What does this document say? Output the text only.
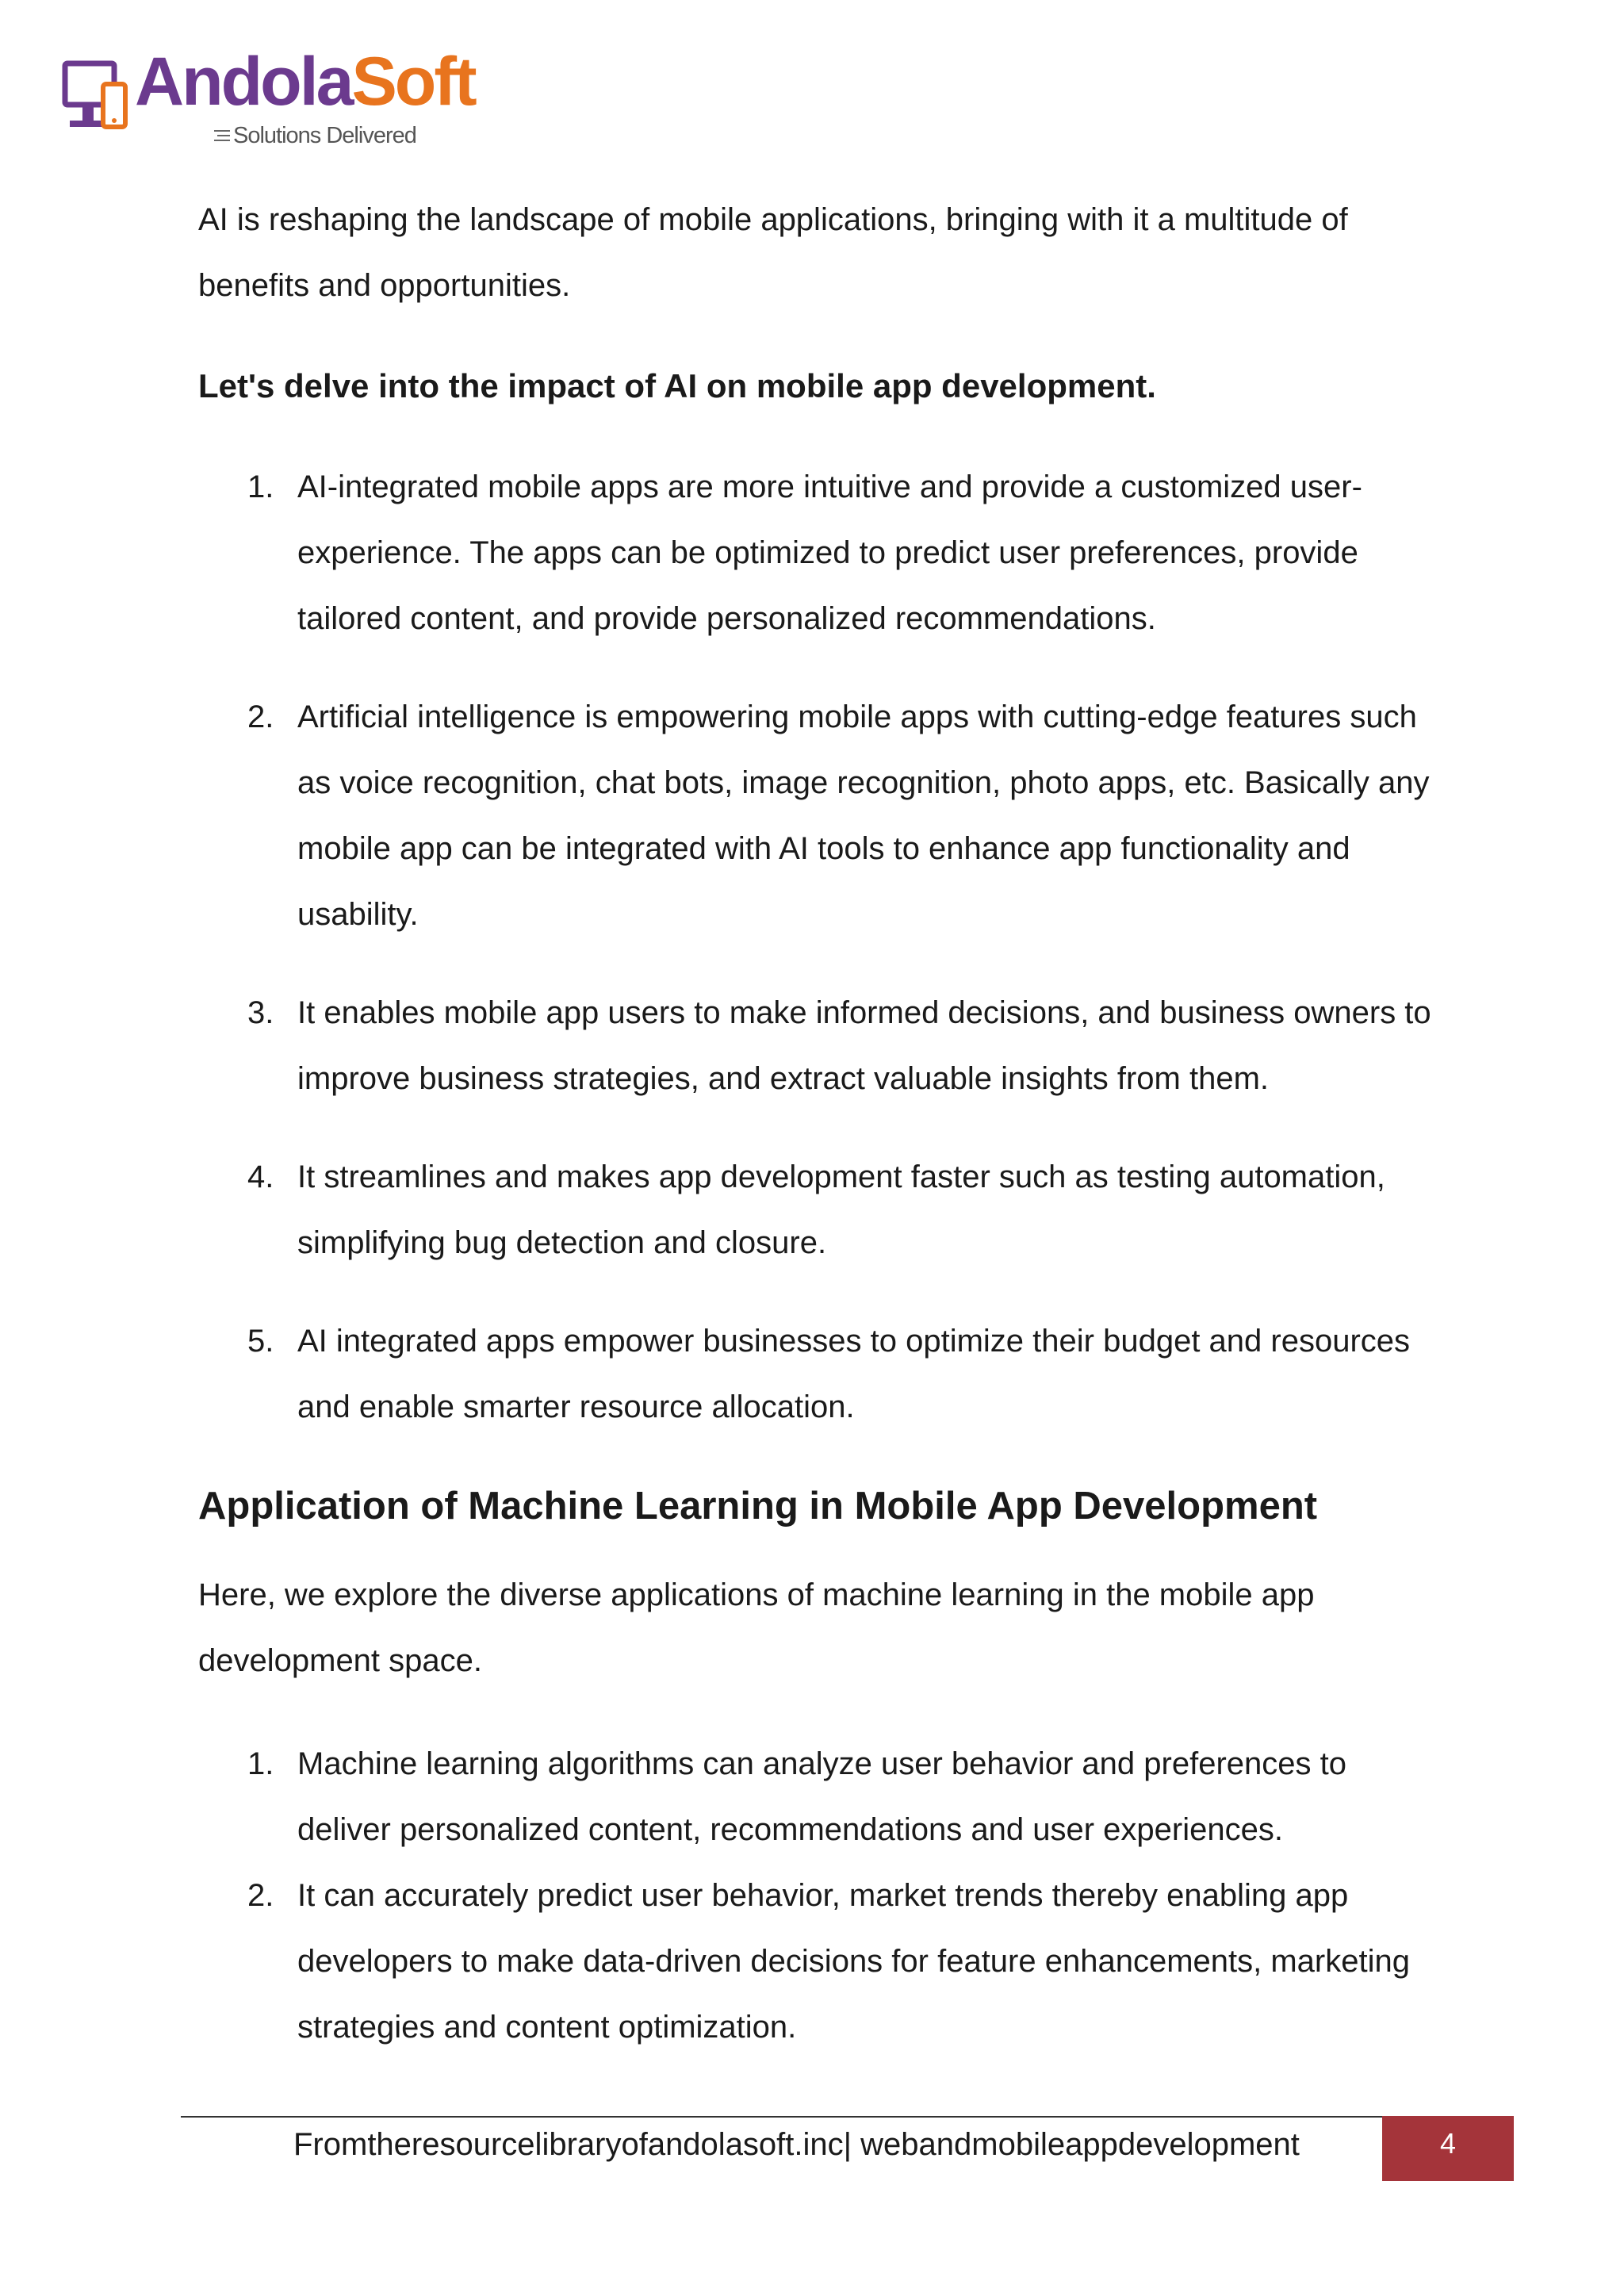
AndolaSoft
Solutions Delivered

AI is reshaping the landscape of mobile applications, bringing with it a multitude of benefits and opportunities.

Let's delve into the impact of AI on mobile app development.
1. AI-integrated mobile apps are more intuitive and provide a customized user-experience. The apps can be optimized to predict user preferences, provide tailored content, and provide personalized recommendations.
2. Artificial intelligence is empowering mobile apps with cutting-edge features such as voice recognition, chat bots, image recognition, photo apps, etc. Basically any mobile app can be integrated with AI tools to enhance app functionality and usability.
3. It enables mobile app users to make informed decisions, and business owners to improve business strategies, and extract valuable insights from them.
4. It streamlines and makes app development faster such as testing automation, simplifying bug detection and closure.
5. AI integrated apps empower businesses to optimize their budget and resources and enable smarter resource allocation.
Application of Machine Learning in Mobile App Development

Here, we explore the diverse applications of machine learning in the mobile app development space.

1. Machine learning algorithms can analyze user behavior and preferences to deliver personalized content, recommendations and user experiences.
2. It can accurately predict user behavior, market trends thereby enabling app developers to make data-driven decisions for feature enhancements, marketing strategies and content optimization.
Fromtheresourcelibraryofandolasoft.inc| webandmobileappdevelopment	4
